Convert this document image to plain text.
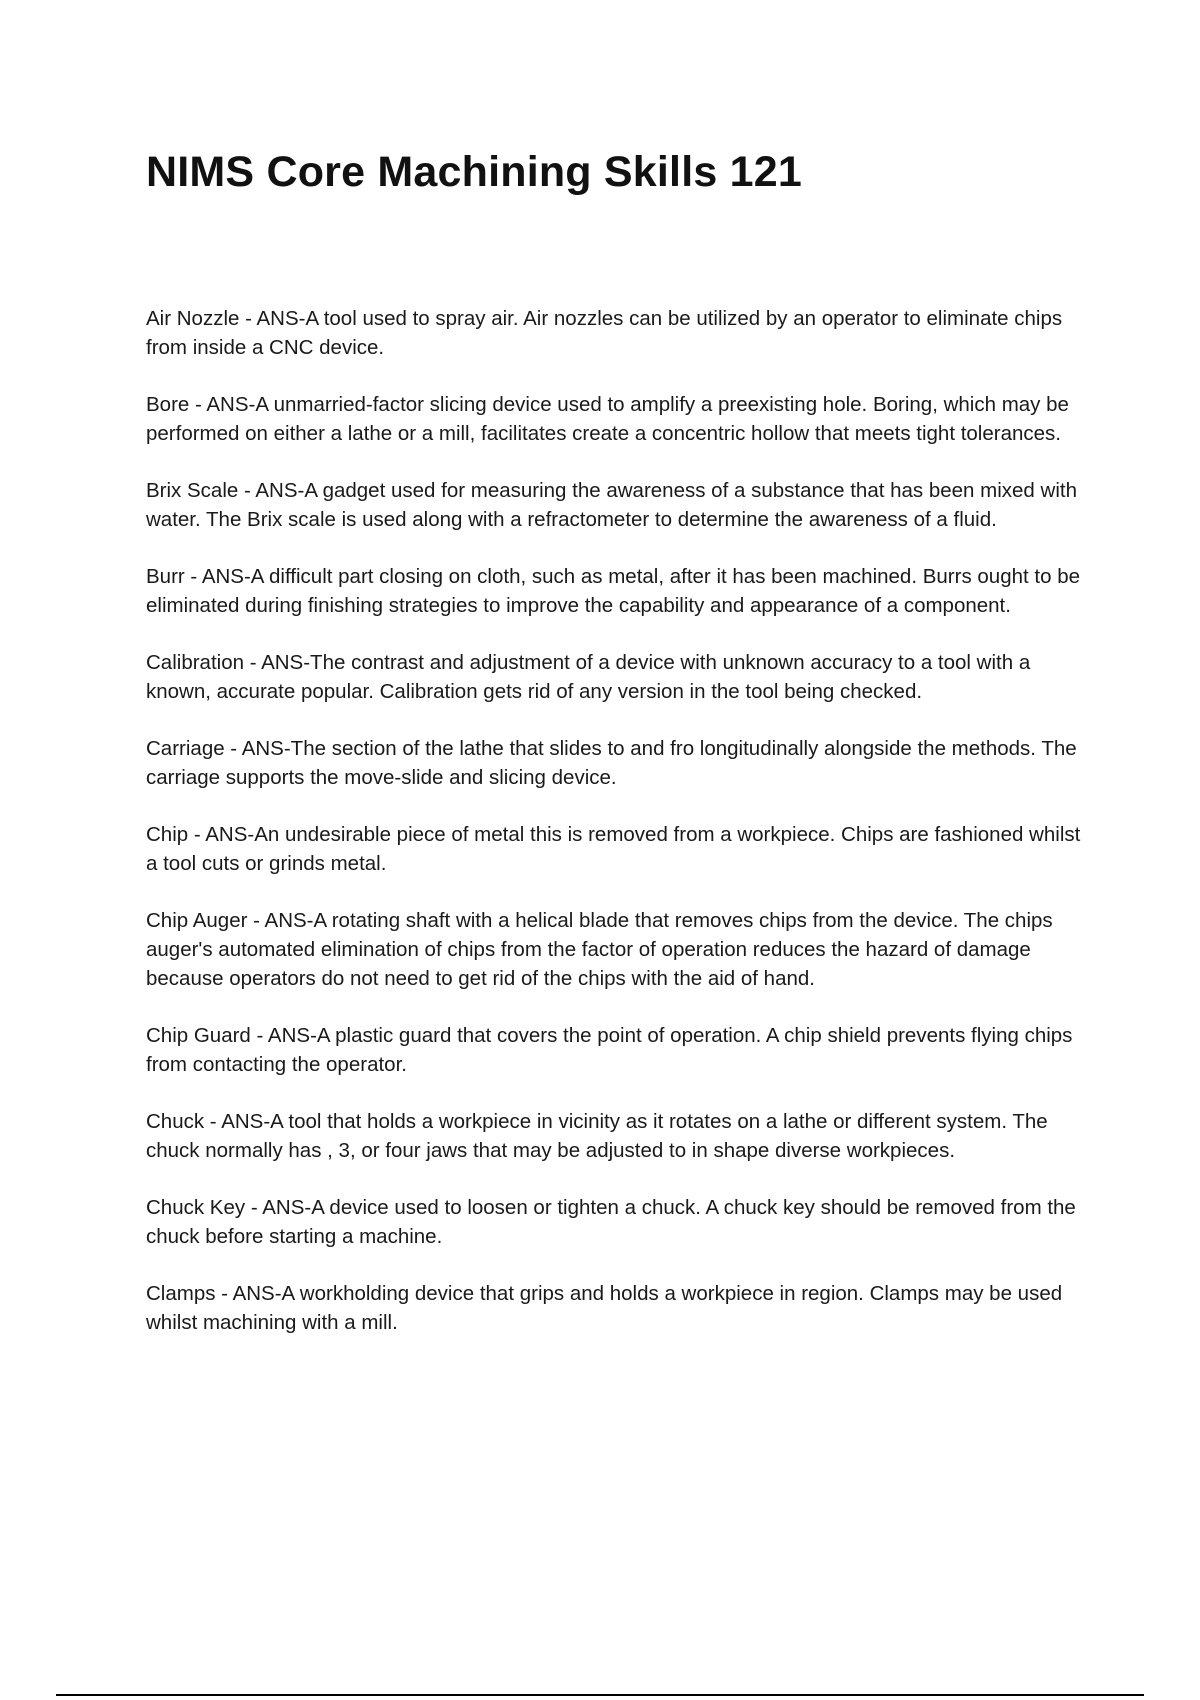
NIMS Core Machining Skills 121

Air Nozzle - ANS-A tool used to spray air. Air nozzles can be utilized by an operator to eliminate chips from inside a CNC device.

Bore - ANS-A unmarried-factor slicing device used to amplify a preexisting hole. Boring, which may be performed on either a lathe or a mill, facilitates create a concentric hollow that meets tight tolerances.

Brix Scale - ANS-A gadget used for measuring the awareness of a substance that has been mixed with water. The Brix scale is used along with a refractometer to determine the awareness of a fluid.

Burr - ANS-A difficult part closing on cloth, such as metal, after it has been machined. Burrs ought to be eliminated during finishing strategies to improve the capability and appearance of a component.

Calibration - ANS-The contrast and adjustment of a device with unknown accuracy to a tool with a known, accurate popular. Calibration gets rid of any version in the tool being checked.

Carriage - ANS-The section of the lathe that slides to and fro longitudinally alongside the methods. The carriage supports the move-slide and slicing device.

Chip - ANS-An undesirable piece of metal this is removed from a workpiece. Chips are fashioned whilst a tool cuts or grinds metal.

Chip Auger - ANS-A rotating shaft with a helical blade that removes chips from the device. The chips auger's automated elimination of chips from the factor of operation reduces the hazard of damage because operators do not need to get rid of the chips with the aid of hand.

Chip Guard - ANS-A plastic guard that covers the point of operation. A chip shield prevents flying chips from contacting the operator.

Chuck - ANS-A tool that holds a workpiece in vicinity as it rotates on a lathe or different system. The chuck normally has , 3, or four jaws that may be adjusted to in shape diverse workpieces.

Chuck Key - ANS-A device used to loosen or tighten a chuck. A chuck key should be removed from the chuck before starting a machine.

Clamps - ANS-A workholding device that grips and holds a workpiece in region. Clamps may be used whilst machining with a mill.
